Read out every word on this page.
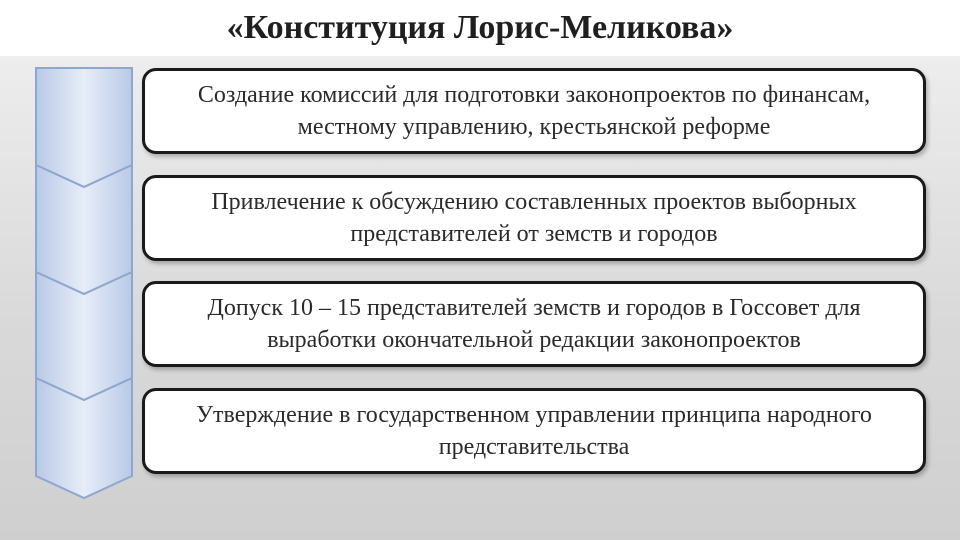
«Конституция Лорис-Меликова»
Создание комиссий для подготовки законопроектов по финансам, местному управлению, крестьянской реформе
Привлечение к обсуждению составленных проектов выборных представителей от земств и городов
Допуск 10 – 15 представителей земств и городов в Госсовет для выработки окончательной редакции законопроектов
Утверждение в государственном управлении принципа народного представительства
